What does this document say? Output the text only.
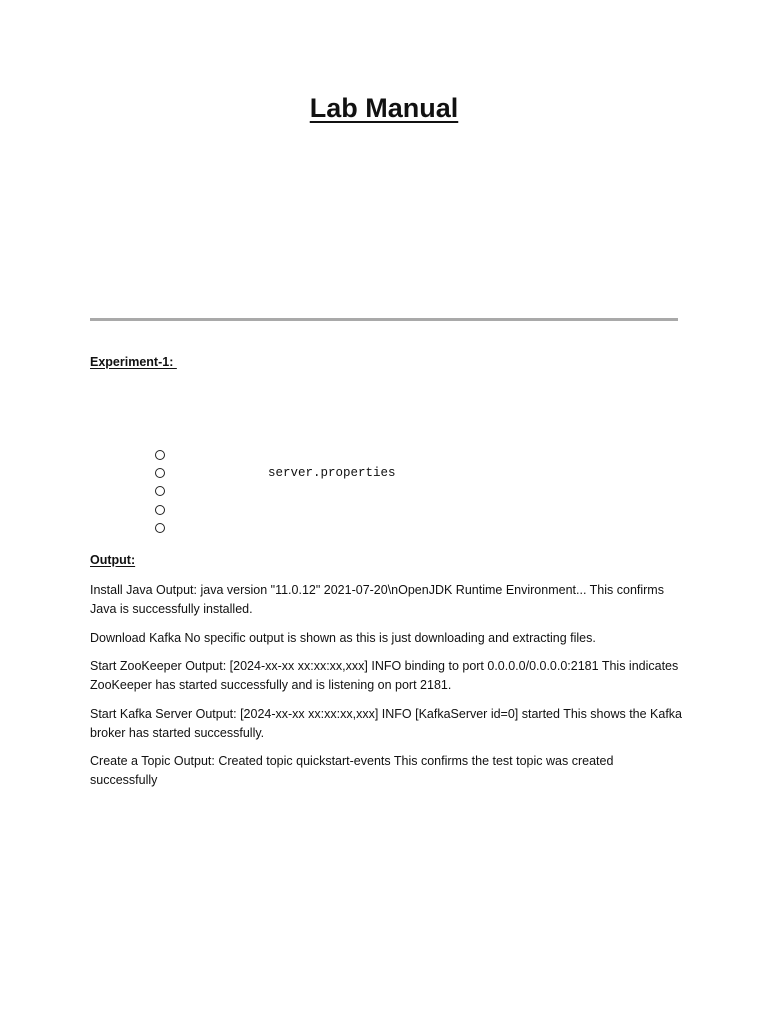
Lab Manual

Experiment-1:

server.properties

Output:

Install Java Output: java version "11.0.12" 2021-07-20\nOpenJDK Runtime Environment... This confirms Java is successfully installed.

Download Kafka No specific output is shown as this is just downloading and extracting files.

Start ZooKeeper Output: [2024-xx-xx xx:xx:xx,xxx] INFO binding to port 0.0.0.0/0.0.0.0:2181 This indicates ZooKeeper has started successfully and is listening on port 2181.

Start Kafka Server Output: [2024-xx-xx xx:xx:xx,xxx] INFO [KafkaServer id=0] started This shows the Kafka broker has started successfully.

Create a Topic Output: Created topic quickstart-events This confirms the test topic was created successfully
